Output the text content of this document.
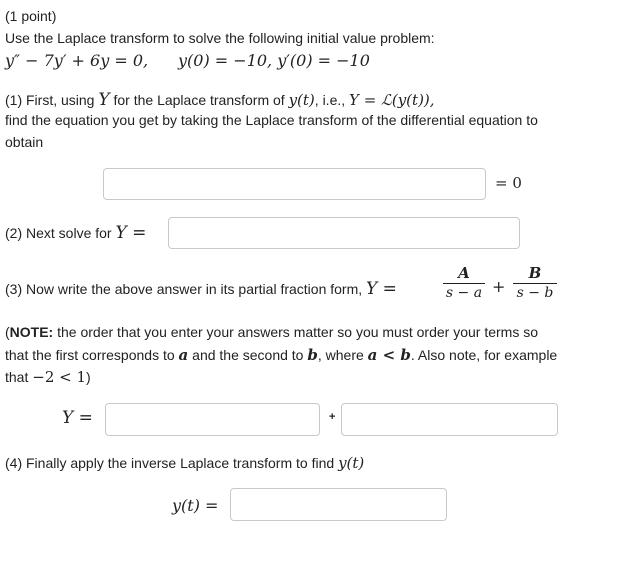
(1 point)
Use the Laplace transform to solve the following initial value problem:
y″ − 7y′ + 6y = 0, y(0) = −10, y′(0) = −10
(1) First, using Y for the Laplace transform of y(t), i.e., Y = ℒ(y(t)),
find the equation you get by taking the Laplace transform of the differential equation to
obtain
= 0
(2) Next solve for Y =
(3) Now write the above answer in its partial fraction form, Y =
A
s − a +
B
s − b
(NOTE: the order that you enter your answers matter so you must order your terms so
that the first corresponds to a and the second to b, where a < b. Also note, for example
that −2 < 1)
Y =	+
(4) Finally apply the inverse Laplace transform to find y(t)
y(t) =
